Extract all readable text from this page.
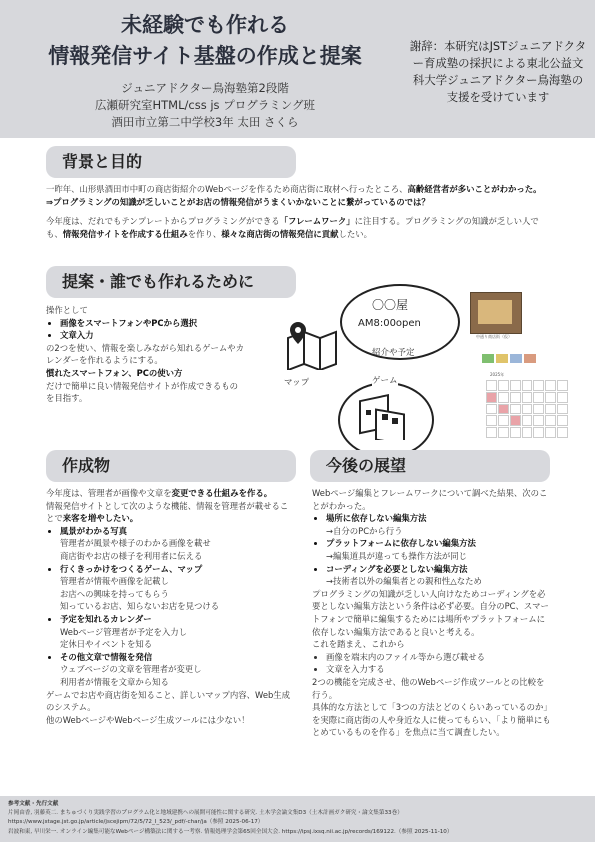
未経験でも作れる
情報発信サイト基盤の作成と提案
ジュニアドクター鳥海塾第2段階
広瀬研究室HTML/css js プログラミング班
酒田市立第二中学校3年 太田 さくら
謝辞：本研究はJSTジュニアドクター育成塾の採択による東北公益文科大学ジュニアドクター鳥海塾の支援を受けています
背景と目的
一昨年、山形県酒田市中町の商店街紹介のWebページを作るため商店街に取材へ行ったところ、高齢経営者が多いことがわかった。
⇒プログラミングの知識が乏しいことがお店の情報発信がうまくいかないことに繋がっているのでは？
今年度は、だれでもテンプレートからプログラミングができる「フレームワーク」に注目する。プログラミングの知識が乏しい人でも、情報発信サイトを作成する仕組みを作り、様々な商店街の情報発信に貢献したい。
提案・誰でも作れるために
操作として
• 画像をスマートフォンやPCから選択
• 文章入力
の2つを使い、情報を楽しみながら知れるゲームやカレンダーを作れるようにする。
慣れたスマートフォン、PCの使い方
だけで簡単に良い情報発信サイトが作成できるものを目指す。
〇〇屋
AM8:00open
紹介や予定
マップ	ゲーム
中通り商店街（仮）
2025年
作成物
今年度は、管理者が画像や文章を変更できる仕組みを作る。
情報発信サイトとして次のような機能、情報を管理者が載せることで来客を増やしたい。
• 風景がわかる写真
管理者が風景や様子のわかる画像を載せ
商店街やお店の様子を利用者に伝える
• 行くきっかけをつくるゲーム、マップ
管理者が情報や画像を記載し
お店への興味を持ってもらう
知っているお店、知らないお店を見つける
• 予定を知れるカレンダー
Webページ管理者が予定を入力し
定休日やイベントを知る
• その他文章で情報を発信
ウェブページの文章を管理者が変更し
利用者が情報を文章から知る
ゲームでお店や商店街を知ること、詳しいマップ内容、Web生成のシステム。
他のWebページやWebページ生成ツールには少ない！
今後の展望
Webページ編集とフレームワークについて調べた結果、次のことがわかった。
• 場所に依存しない編集方法
→自分のPCから行う
• プラットフォームに依存しない編集方法
→編集道具が違っても操作方法が同じ
• コーディングを必要としない編集方法
→技術者以外の編集者との親和性△なため
プログラミングの知識が乏しい人向けなためコーディングを必要としない編集方法という条件は必ず必要。自分のPC、スマートフォンで簡単に編集するためには場所やプラットフォームに依存しない編集方法であると良いと考える。
これを踏まえ、これから
• 画像を端末内のファイル等から選び載せる
• 文章を入力する
2つの機能を完成させ、他のWebページ作成ツールとの比較を行う。
具体的な方法として「3つの方法とどのくらいあっているのか」を実際に商店街の人や身近な人に使ってもらい、「より簡単にもとめているものを作る」を焦点に当て調査したい。
参考文献・先行文献
片岡由香, 羽藤英二. まちゅづくり実践学習のプログラム化と地域建携への展開可能性に関する研究. 土木学会論文集D3（土木計画ガク研究・論文集第33巻）
https://www.jstage.jst.go.jp/article/jscejipm/72/5/72_I_523/_pdf/-char/ja（参照 2025-06-17）
岩波和東, 早川栄一. オンライン編集可能なWebページ構築法に関する一考察. 情報処理学会第65回全国大会. https://ipsj.ixsq.nii.ac.jp/records/169122.（参照 2025-11-10）
